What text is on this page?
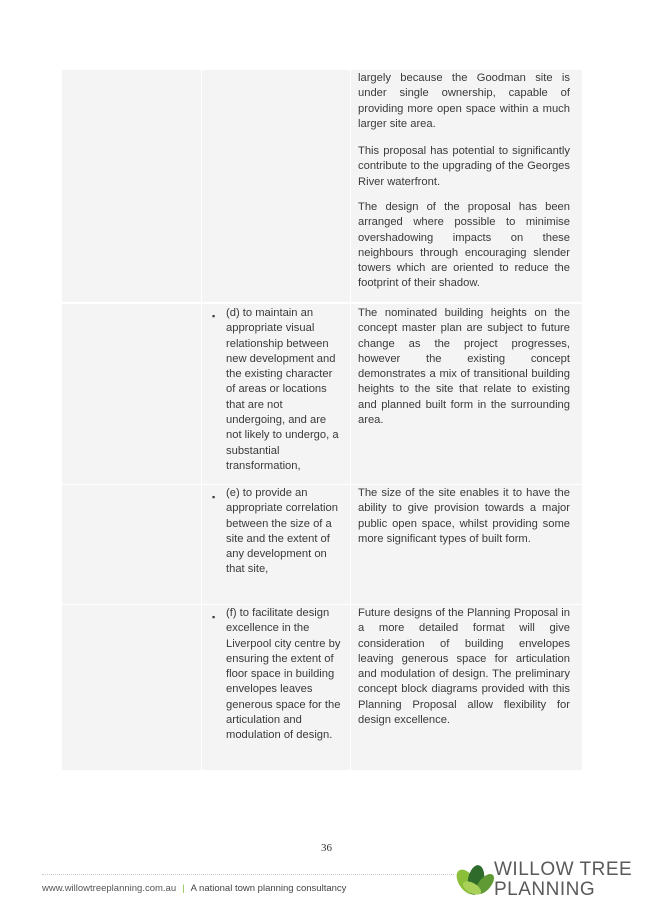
largely because the Goodman site is under single ownership, capable of providing more open space within a much larger site area.

This proposal has potential to significantly contribute to the upgrading of the Georges River waterfront.

The design of the proposal has been arranged where possible to minimise overshadowing impacts on these neighbours through encouraging slender towers which are oriented to reduce the footprint of their shadow.

▪ (d) to maintain an appropriate visual relationship between new development and the existing character of areas or locations that are not undergoing, and are not likely to undergo, a substantial transformation,

The nominated building heights on the concept master plan are subject to future change as the project progresses, however the existing concept demonstrates a mix of transitional building heights to the site that relate to existing and planned built form in the surrounding area.

▪ (e) to provide an appropriate correlation between the size of a site and the extent of any development on that site,

The size of the site enables it to have the ability to give provision towards a major public open space, whilst providing some more significant types of built form.

▪ (f) to facilitate design excellence in the Liverpool city centre by ensuring the extent of floor space in building envelopes leaves generous space for the articulation and modulation of design.

Future designs of the Planning Proposal in a more detailed format will give consideration of building envelopes leaving generous space for articulation and modulation of design. The preliminary concept block diagrams provided with this Planning Proposal allow flexibility for design excellence.

36
www.willowtreeplanning.com.au | A national town planning consultancy
WILLOW TREE
PLANNING
